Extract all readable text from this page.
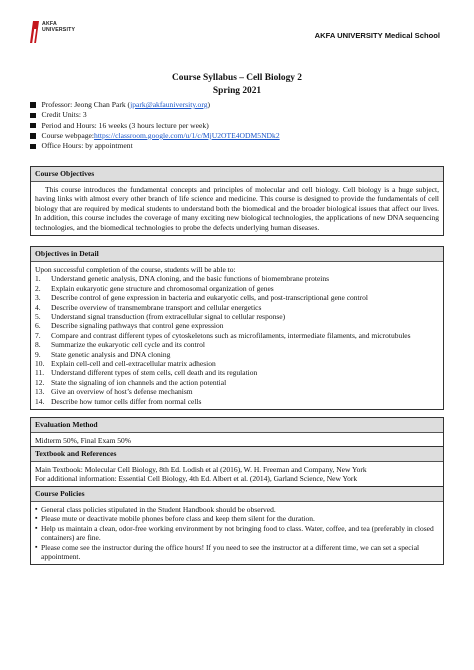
AKFA
UNIVERSITY
AKFA UNIVERSITY Medical School
Course Syllabus – Cell Biology 2
Spring 2021
Professor: Jeong Chan Park ( jpark@akfauniversity.org )
Credit Units: 3
Period and Hours: 16 weeks (3 hours lecture per week)
Course webpage: https://classroom.google.com/u/1/c/MjU2OTE4ODM5NDk2
Office Hours: by appointment
Course Objectives
This course introduces the fundamental concepts and principles of molecular and cell biology. Cell biology is a huge subject, having links with almost every other branch of life science and medicine. This course is designed to provide the fundamentals of cell biology that are required by medical students to understand both the biomedical and the broader biological issues that affect our lives. In addition, this course includes the coverage of many exciting new biological technologies, the applications of new DNA sequencing technologies, and the biomedical technologies to probe the defects underlying human diseases.
Objectives in Detail
Upon successful completion of the course, students will be able to:
1.	Understand genetic analysis, DNA cloning, and the basic functions of biomembrane proteins
2.	Explain eukaryotic gene structure and chromosomal organization of genes
3.	Describe control of gene expression in bacteria and eukaryotic cells, and post-transcriptional gene control
4.	Describe overview of transmembrane transport and cellular energetics
5.	Understand signal transduction (from extracellular signal to cellular response)
6.	Describe signaling pathways that control gene expression
7.	Compare and contrast different types of cytoskeletons such as microfilaments, intermediate filaments, and microtubules
8.	Summarize the eukaryotic cell cycle and its control
9.	State genetic analysis and DNA cloning
10. Explain cell-cell and cell-extracellular matrix adhesion
11. Understand different types of stem cells, cell death and its regulation
12. State the signaling of ion channels and the action potential
13. Give an overview of host’s defense mechanism
14. Describe how tumor cells differ from normal cells
Evaluation Method
Midterm 50%, Final Exam 50%
Textbook and References
Main Textbook: Molecular Cell Biology, 8th Ed. Lodish et al (2016), W. H. Freeman and Company, New York
For additional information: Essential Cell Biology, 4th Ed. Albert et al. (2014), Garland Science, New York
Course Policies
▪ General class policies stipulated in the Student Handbook should be observed.
▪ Please mute or deactivate mobile phones before class and keep them silent for the duration.
▪ Help us maintain a clean, odor-free working environment by not bringing food to class. Water, coffee, and tea (preferably in closed containers) are fine.
▪ Please come see the instructor during the office hours! If you need to see the instructor at a different time, we can set a special appointment.
